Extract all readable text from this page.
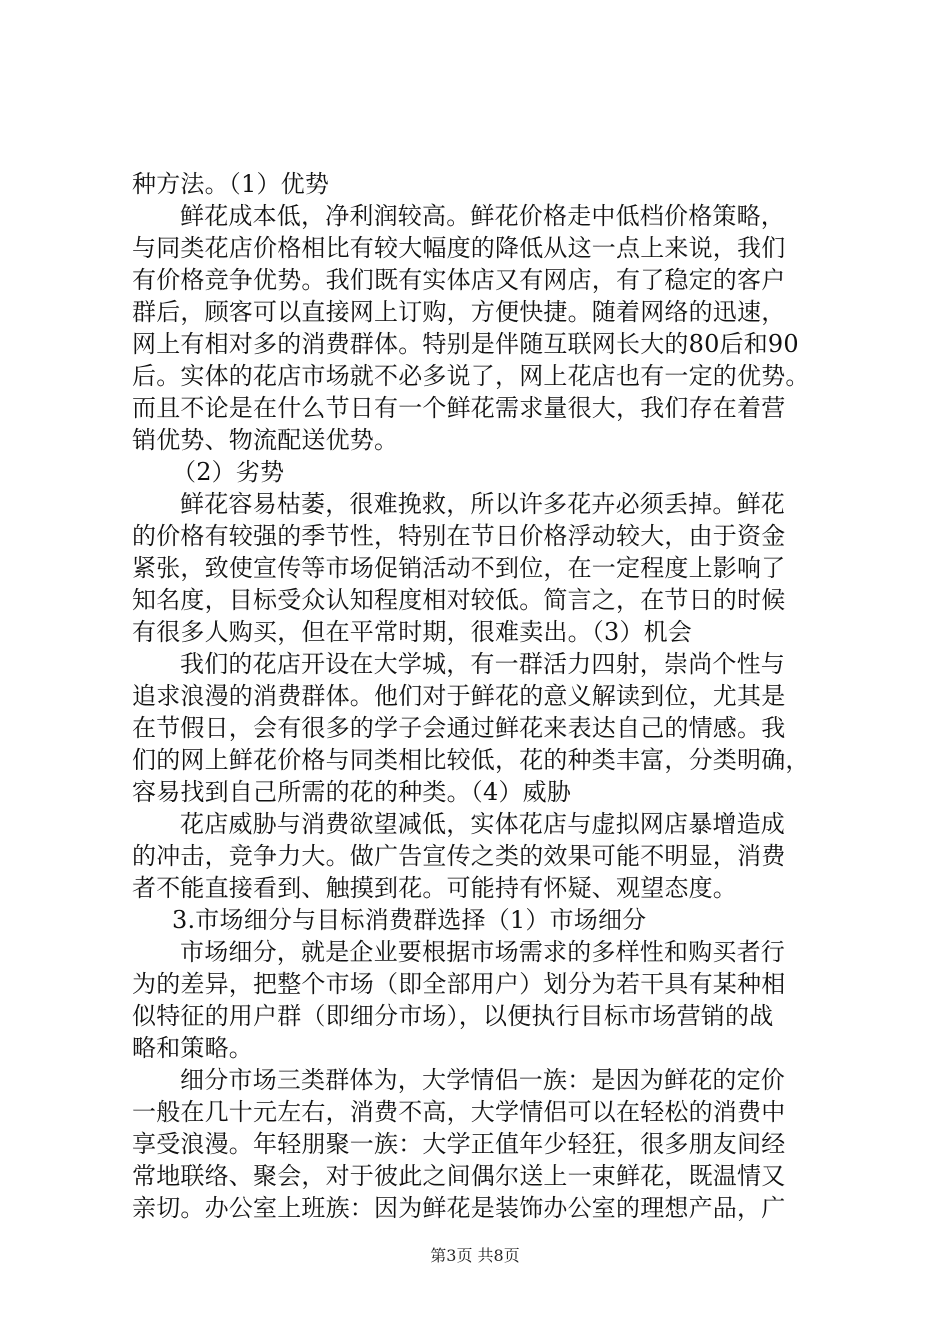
种方法。（1）优势
鲜花成本低，净利润较高。鲜花价格走中低档价格策略，
与同类花店价格相比有较大幅度的降低从这一点上来说，我们
有价格竞争优势。我们既有实体店又有网店，有了稳定的客户
群后，顾客可以直接网上订购，方便快捷。随着网络的迅速，
网上有相对多的消费群体。特别是伴随互联网长大的80后和90
后。实体的花店市场就不必多说了，网上花店也有一定的优势。
而且不论是在什么节日有一个鲜花需求量很大，我们存在着营
销优势、物流配送优势。
（2）劣势
鲜花容易枯萎，很难挽救，所以许多花卉必须丢掉。鲜花
的价格有较强的季节性，特别在节日价格浮动较大，由于资金
紧张，致使宣传等市场促销活动不到位，在一定程度上影响了
知名度，目标受众认知程度相对较低。简言之，在节日的时候
有很多人购买，但在平常时期，很难卖出。（3）机会
我们的花店开设在大学城，有一群活力四射，崇尚个性与
追求浪漫的消费群体。他们对于鲜花的意义解读到位，尤其是
在节假日，会有很多的学子会通过鲜花来表达自己的情感。我
们的网上鲜花价格与同类相比较低，花的种类丰富，分类明确，
容易找到自己所需的花的种类。（4）威胁
花店威胁与消费欲望减低，实体花店与虚拟网店暴增造成
的冲击，竞争力大。做广告宣传之类的效果可能不明显，消费
者不能直接看到、触摸到花。可能持有怀疑、观望态度。
3.市场细分与目标消费群选择（1）市场细分
市场细分，就是企业要根据市场需求的多样性和购买者行
为的差异，把整个市场（即全部用户）划分为若干具有某种相
似特征的用户群（即细分市场），以便执行目标市场营销的战
略和策略。
细分市场三类群体为，大学情侣一族：是因为鲜花的定价
一般在几十元左右，消费不高，大学情侣可以在轻松的消费中
享受浪漫。年轻朋聚一族：大学正值年少轻狂，很多朋友间经
常地联络、聚会，对于彼此之间偶尔送上一束鲜花，既温情又
亲切。办公室上班族：因为鲜花是装饰办公室的理想产品，广
第3页 共8页
